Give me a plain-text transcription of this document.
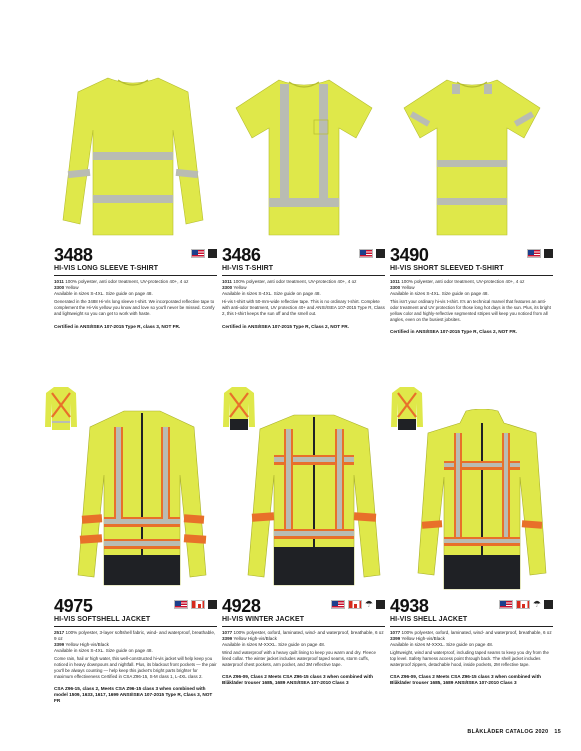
3488
HI-VIS LONG SLEEVE T-SHIRT
1011 100% polyester, anti odor treatment, UV-protection 40+, 4 oz
3300 Yellow
Available in sizes S-4XL. Size guide on page 48.
Generated in the 3488 Hi-Vis long sleeve t-shirt. We incorporated reflective tape to complement the Hi-Vis yellow you know and love so you'll never be missed. Comfy and lightweight so you can get to work with haste.
Certified in ANSI/ISEA 107-2015 Type R, class 3, NOT FR.
3486
HI-VIS T-SHIRT
1011 100% polyester, anti odor treatment, UV-protection 40+, 4 oz
3300 Yellow
Available in sizes S-4XL. Size guide on page 48.
Hi-vis t-shirt with 50-mm-wide reflective tape. This is no ordinary t-shirt. Complete with anti-odor treatment, UV protection 40+ and ANSI/ISEA 107-2015 Type R, Class 2, this t-shirt keeps the sun off and the smell out.
Certified in ANSI/ISEA 107-2015 Type R, Class 2, NOT FR.
3490
HI-VIS SHORT SLEEVED T-SHIRT
1011 100% polyester, anti odor treatment, UV-protection 40+, 4 oz
3300 Yellow
Available in sizes S-4XL. Size guide on page 48.
This isn't your ordinary hi-vis t-shirt. It's an technical marvel that features an anti-odor treatment and UV protection for those long hot days in the sun. Plus, its bright yellow color and highly-reflective segmented stripes will keep you noticed from all angles, even on the busiest jobsites.
Certified in ANSI/ISEA 107-2015 Type R, Class 2, NOT FR.
4975
HI-VIS SOFTSHELL JACKET
2517 100% polyester, 3-layer softshell fabric, wind- and waterproof, breathable, 9 oz
3399 Yellow High-vis/Black
Available in sizes S-4XL. Size guide on page 48.
Come rain, hail or high water, this well-constructed hi-vis jacket will help keep you noticed in heavy downpours and nightfall. Plus, its blackout front pockets — the pair you'll be always counting — help keep this jacket's bright parts brighter for maximum effectiveness Certified in CSA Z96-15, S-M class 1, L-4XL class 2.
CSA Z96-15, class 2, Meets CSA Z96-15 class 3 when combined with model 1509, 1633, 1617, 1699 ANSI/ISEA 107-2015 Type R, Class 3, NOT FR
4928	☂
HI-VIS WINTER JACKET
1077 100% polyester, oxford, laminated, wind- and waterproof, breathable, 6 oz
3399 Yellow High-vis/Black
Available in sizes M-XXXL. Size guide on page 48.
Wind and waterproof with a heavy quilt lining to keep you warm and dry. Fleece lined collar. The winter jacket includes waterproof taped seams, storm cuffs, waterproof chest pockets, arm pocket, and 3M reflective tape.
CSA Z96-09, Class 2 Meets CSA Z96-15 class 3 when combined with Blåkläder trouser 1685, 1689 ANSI/ISEA 107-2010 Class 3
4938	☂
HI-VIS SHELL JACKET
1077 100% polyester, oxford, laminated, wind- and waterproof, breathable, 6 oz
3399 Yellow High-vis/Black
Available in sizes M-XXXL. Size guide on page 48.
Lightweight, wind and waterproof, including taped seams to keep you dry from the top level. Safety harness access point through back. The shell jacket includes waterproof zippers, detachable hood, inside pockets, 2M reflective tape.
CSA Z96-09, Class 2 Meets CSA Z96-15 class 3 when combined with Blåkläder trouser 1685, 1689 ANSI/ISEA 107-2010 Class 3
BLÅKLÄDER CATALOG 2020 15
